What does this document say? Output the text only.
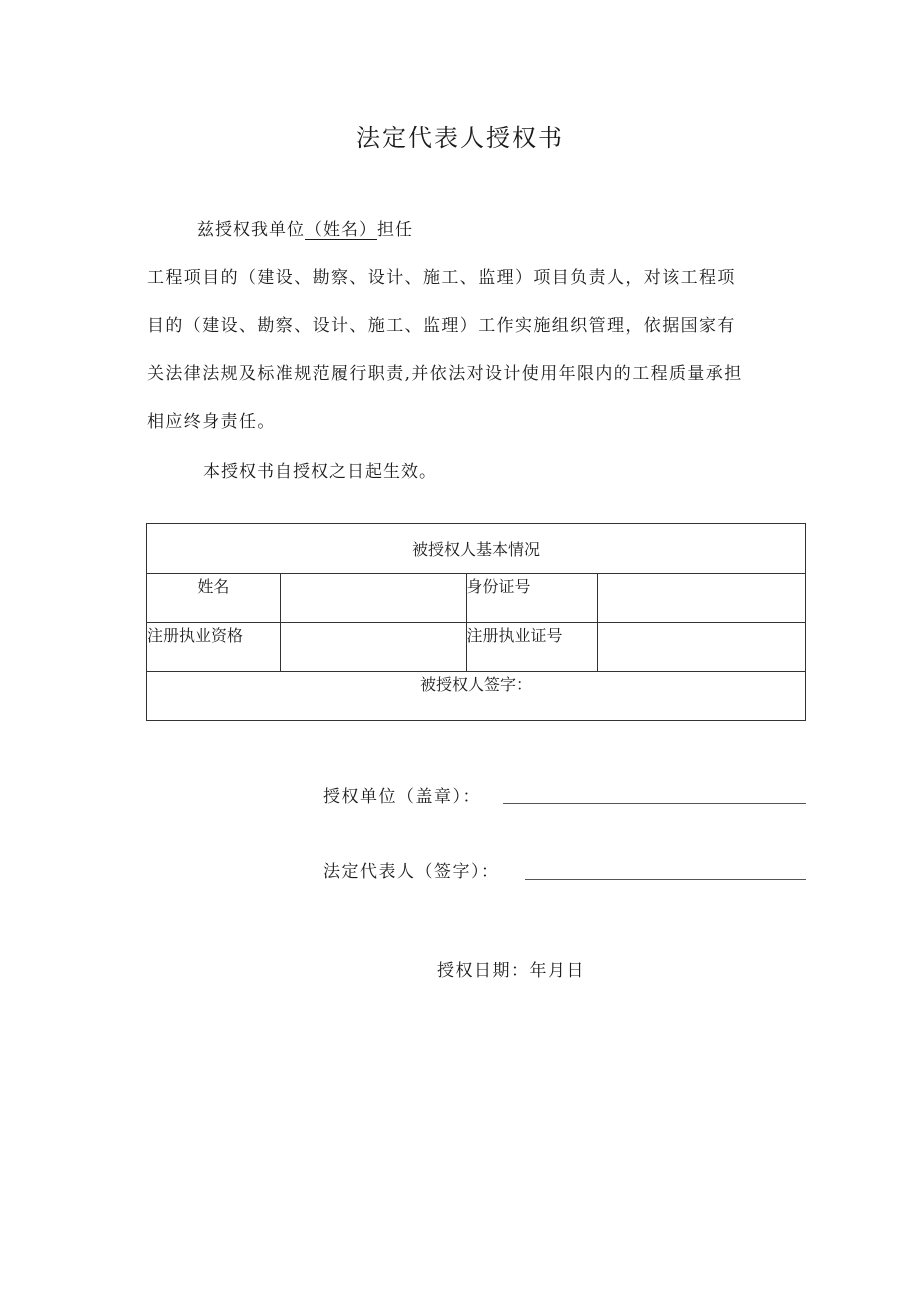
法定代表人授权书
兹授权我单位（姓名）担任
工程项目的（建设、勘察、设计、施工、监理）项目负责人，对该工程项
目的（建设、勘察、设计、施工、监理）工作实施组织管理，依据国家有
关法律法规及标准规范履行职责,并依法对设计使用年限内的工程质量承担
相应终身责任。
本授权书自授权之日起生效。
被授权人基本情况			

姓名		身份证号	

注册执业资格		注册执业证号	

被授权人签字：			
授权单位（盖章）：
法定代表人（签字）：
授权日期：年月日
